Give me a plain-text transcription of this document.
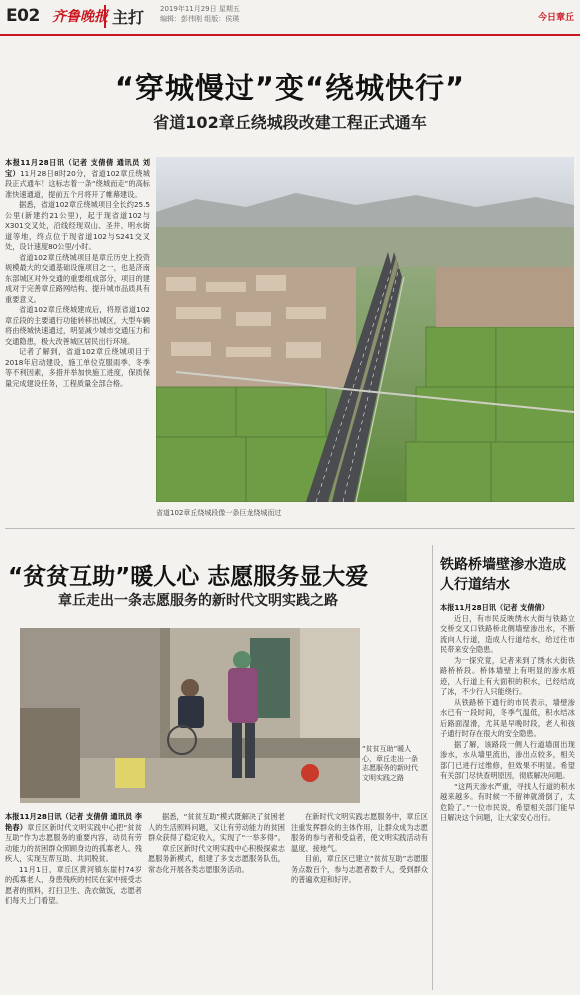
E02 齐鲁晚报 主打 2019年11月29日 星期五
编辑：彭伟刚 组版：侯瑛	今日章丘
“穿城慢过”变“绕城快行”
省道102章丘绕城段改建工程正式通车

本报11月28日讯（记者 支倩倩 通讯员 刘宝）11月28日8时20分，省道102章丘绕城段正式通车！这标志着一条“绕城而走”的高标准快速通道，提前五个月将开了帷幕建设。

据悉，省道102章丘绕城项目全长约25.5公里(新建约21公里)，起于现省道102与X301交叉处，沿线经现双山、圣井、明水街道等地，终点位于现省道102与S241交叉处，设计速度80公里/小时。

省道102章丘绕城项目是章丘历史上投资规模最大的交通基础设施项目之一，也是济南东部城区对外交通的重要组成部分，项目的建成对于完善章丘路网结构、提升城市品质具有重要意义。

省道102章丘绕城建成后，将原省道102章丘段的主要通行功能转移出城区，大型车辆将由绕城快速通过，明显减少城市交通压力和交通隐患，极大改善城区居民出行环境。

记者了解到，省道102章丘绕城项目于2018年启动建设，施工单位克服雨季、冬季等不利因素，多措并举加快施工进度，保质保量完成建设任务，工程质量全部合格。

省道102章丘绕城段像一条巨龙绕城而过
“贫贫互助”暖人心 志愿服务显大爱
章丘走出一条志愿服务的新时代文明实践之路
“贫贫互助”暖人心，章丘走出一条志愿服务的新时代文明实践之路

本报11月28日讯（记者 支倩倩 通讯员 李艳春）章丘区新时代文明实践中心把“贫贫互助”作为志愿服务的重要内容，动员有劳动能力的贫困群众照顾身边的孤寡老人、残疾人，实现互帮互助、共同脱贫。

11月1日，章丘区黄河镇东崖村74岁的孤寡老人、身患残疾的村民在家中接受志愿者的照料，打扫卫生、洗衣做饭，志愿者们每天上门看望。

据悉，“贫贫互助”模式既解决了贫困老人的生活照料问题，又让有劳动能力的贫困群众获得了稳定收入，实现了“一举多得”。

章丘区新时代文明实践中心积极探索志愿服务新模式，组建了多支志愿服务队伍，常态化开展各类志愿服务活动。

在新时代文明实践志愿服务中，章丘区注重发挥群众的主体作用，让群众成为志愿服务的参与者和受益者，使文明实践活动有温度、接地气。

目前，章丘区已建立“贫贫互助”志愿服务点数百个，参与志愿者数千人，受到群众的普遍欢迎和好评。

铁路桥墙壁渗水造成人行道结水

本报11月28日讯（记者 支倩倩）

近日，有市民反映绣水大街与铁路立交桥交叉口铁路桥北侧墙壁渗出水，不断流向人行道，造成人行道结水，给过往市民带来安全隐患。

为一探究竟，记者来到了绣水大街铁路桥桥段。桥体墙壁上有明显的渗水痕迹，人行道上有大面积的积水，已经结成了冰，不少行人只能绕行。

从铁路桥下通行的市民表示，墙壁渗水已有一段时间，冬季气温低，积水结冰后路面湿滑，尤其是早晚时段，老人和孩子通行时存在很大的安全隐患。

据了解，该路段一侧人行道墙面出现渗水，水从墙里流出，渗出点较多，相关部门已进行过维修，但效果不明显。希望有关部门尽快查明原因，彻底解决问题。

“这两天渗水严重，寻找人行道的积水越来越多。有时候一不留神就滑倒了，太危险了。”一位市民说，希望相关部门能早日解决这个问题，让大家安心出行。
